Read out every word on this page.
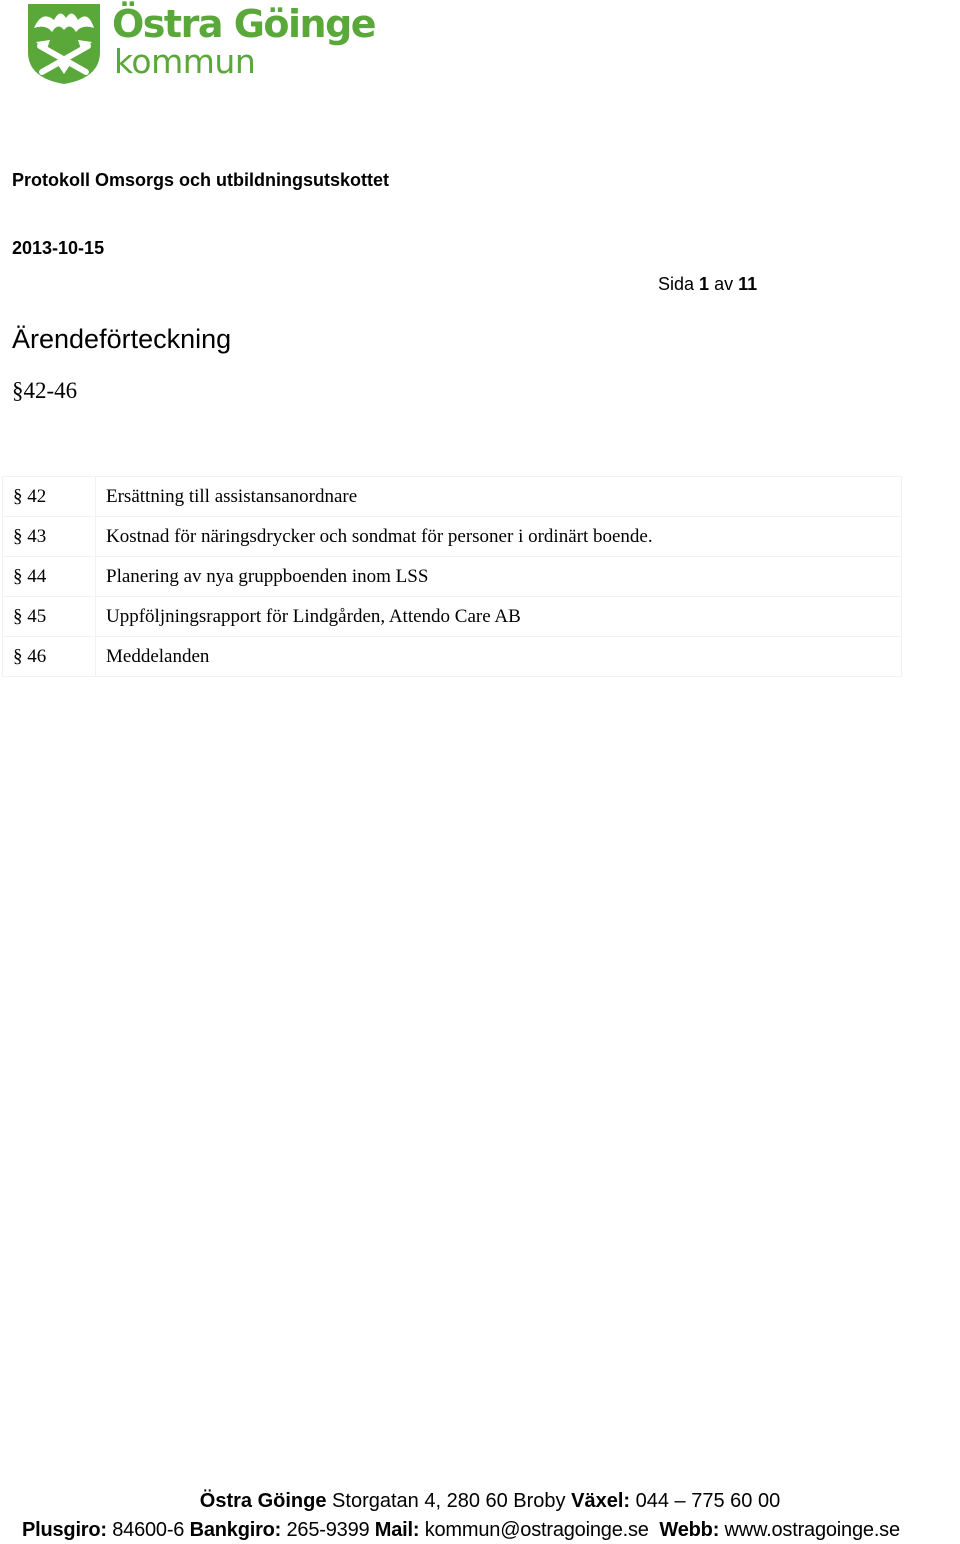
Östra Göinge
kommun
Protokoll Omsorgs och utbildningsutskottet
2013-10-15
Sida 1 av 11
Ärendeförteckning
§42-46
§ 42	Ersättning till assistansanordnare
§ 43	Kostnad för näringsdrycker och sondmat för personer i ordinärt boende.
§ 44	Planering av nya gruppboenden inom LSS
§ 45	Uppföljningsrapport för Lindgården, Attendo Care AB
§ 46	Meddelanden
Östra Göinge Storgatan 4, 280 60 Broby Växel: 044 – 775 60 00
Plusgiro: 84600-6 Bankgiro: 265-9399 Mail: kommun@ostragoinge.se Webb: www.ostragoinge.se
